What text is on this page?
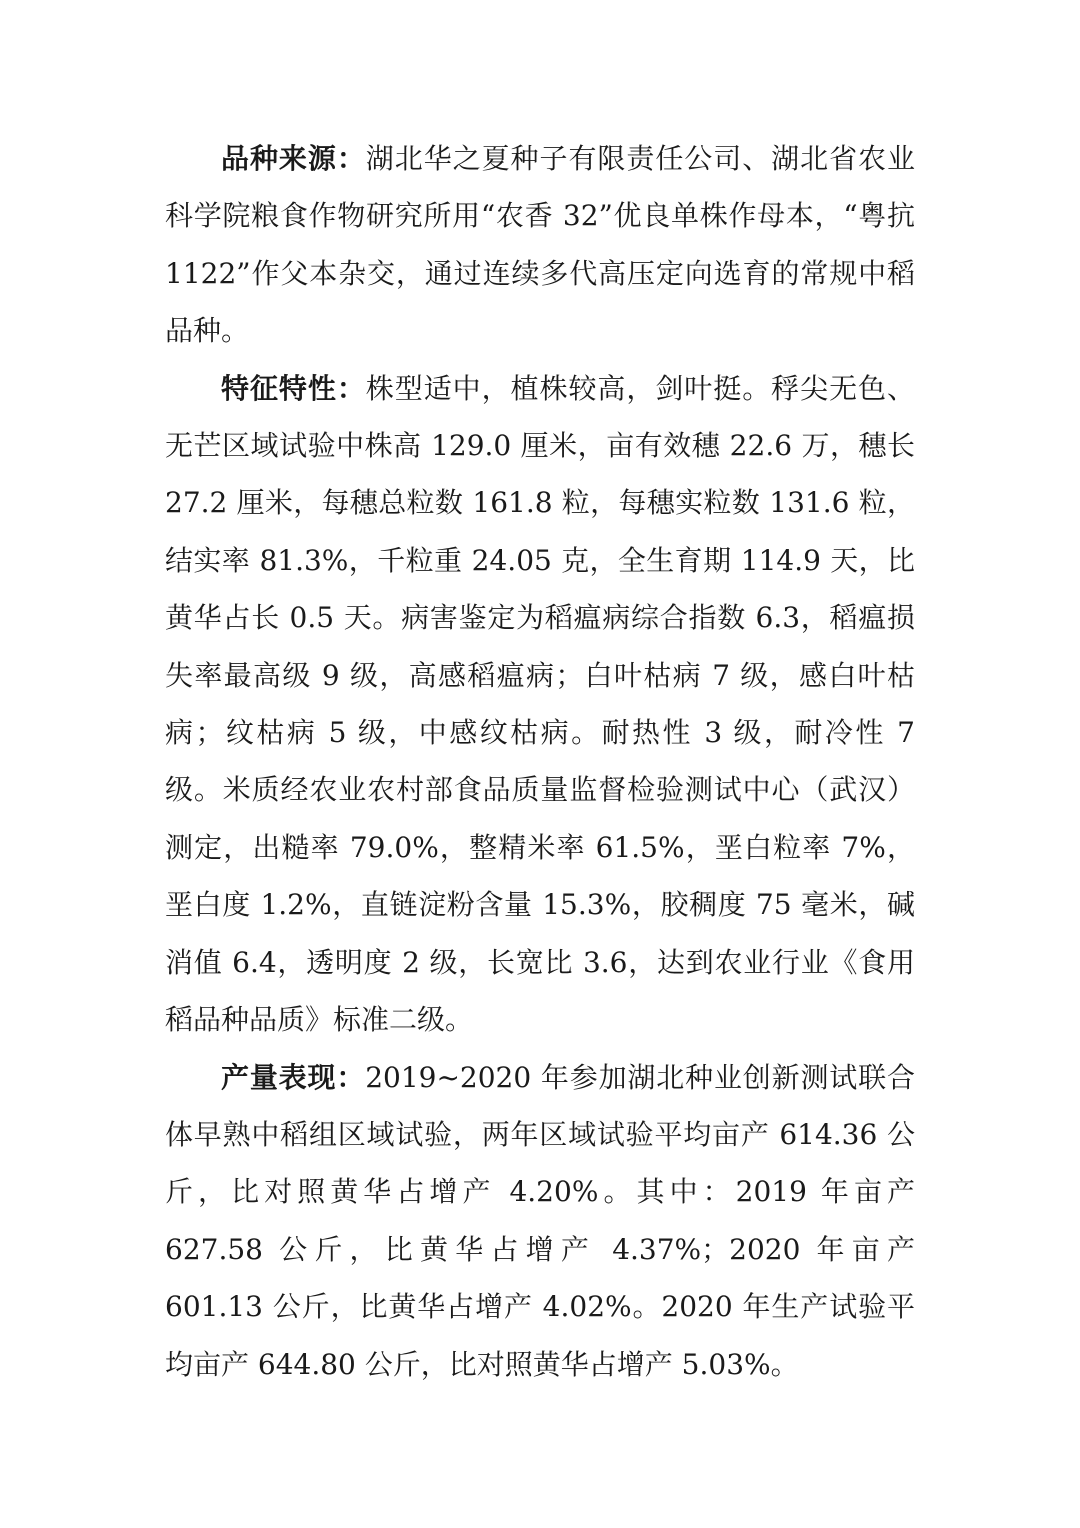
品种来源：湖北华之夏种子有限责任公司、湖北省农业科学院粮食作物研究所用“农香 32”优良单株作母本，“粤抗 1122”作父本杂交，通过连续多代高压定向选育的常规中稻品种。

特征特性：株型适中，植株较高，剑叶挺。稃尖无色、无芒区域试验中株高 129.0 厘米，亩有效穗 22.6 万，穗长 27.2 厘米，每穗总粒数 161.8 粒，每穗实粒数 131.6 粒，结实率 81.3%，千粒重 24.05 克，全生育期 114.9 天，比黄华占长 0.5 天。病害鉴定为稻瘟病综合指数 6.3，稻瘟损失率最高级 9 级，高感稻瘟病；白叶枯病 7 级，感白叶枯病；纹枯病 5 级，中感纹枯病。耐热性 3 级，耐冷性 7 级。米质经农业农村部食品质量监督检验测试中心（武汉）测定，出糙率 79.0%，整精米率 61.5%，垩白粒率 7%，垩白度 1.2%，直链淀粉含量 15.3%，胶稠度 75 毫米，碱消值 6.4，透明度 2 级，长宽比 3.6，达到农业行业《食用稻品种品质》标准二级。

产量表现：2019~2020 年参加湖北种业创新测试联合体早熟中稻组区域试验，两年区域试验平均亩产 614.36 公斤，比对照黄华占增产 4.20%。其中：2019 年亩产 627.58 公斤，比黄华占增产 4.37%；2020 年亩产 601.13 公斤，比黄华占增产 4.02%。2020 年生产试验平均亩产 644.80 公斤，比对照黄华占增产 5.03%。
